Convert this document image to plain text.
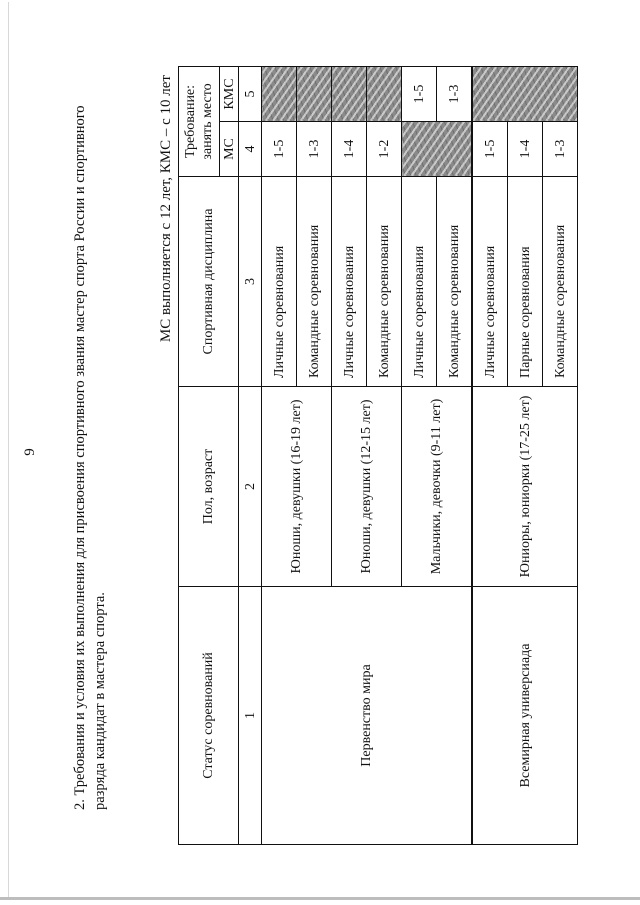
9 2. Требования и условия их выполнения для присвоения спортивного звания мастер спорта России и спортивного разряда кандидат в мастера спорта.
МС выполняется с 12 лет, КМС – с 10 лет
Статус соревнований	Пол, возраст	Спортивная дисциплина	Требование: занять место	
			МС	КМС
1	2	3	4	5
Первенство мира	Юноши, девушки (16-19 лет)	Личные соревнования	1-5	
		Командные соревнования	1-3	
	Юноши, девушки (12-15 лет)	Личные соревнования	1-4	
		Командные соревнования	1-2	
	Мальчики, девочки (9-11 лет)	Личные соревнования		1-5
		Командные соревнования		1-3
Всемирная универсиада	Юниоры, юниорки (17-25 лет)	Личные соревнования	1-5	
		Парные соревнования	1-4	
		Командные соревнования	1-3	
